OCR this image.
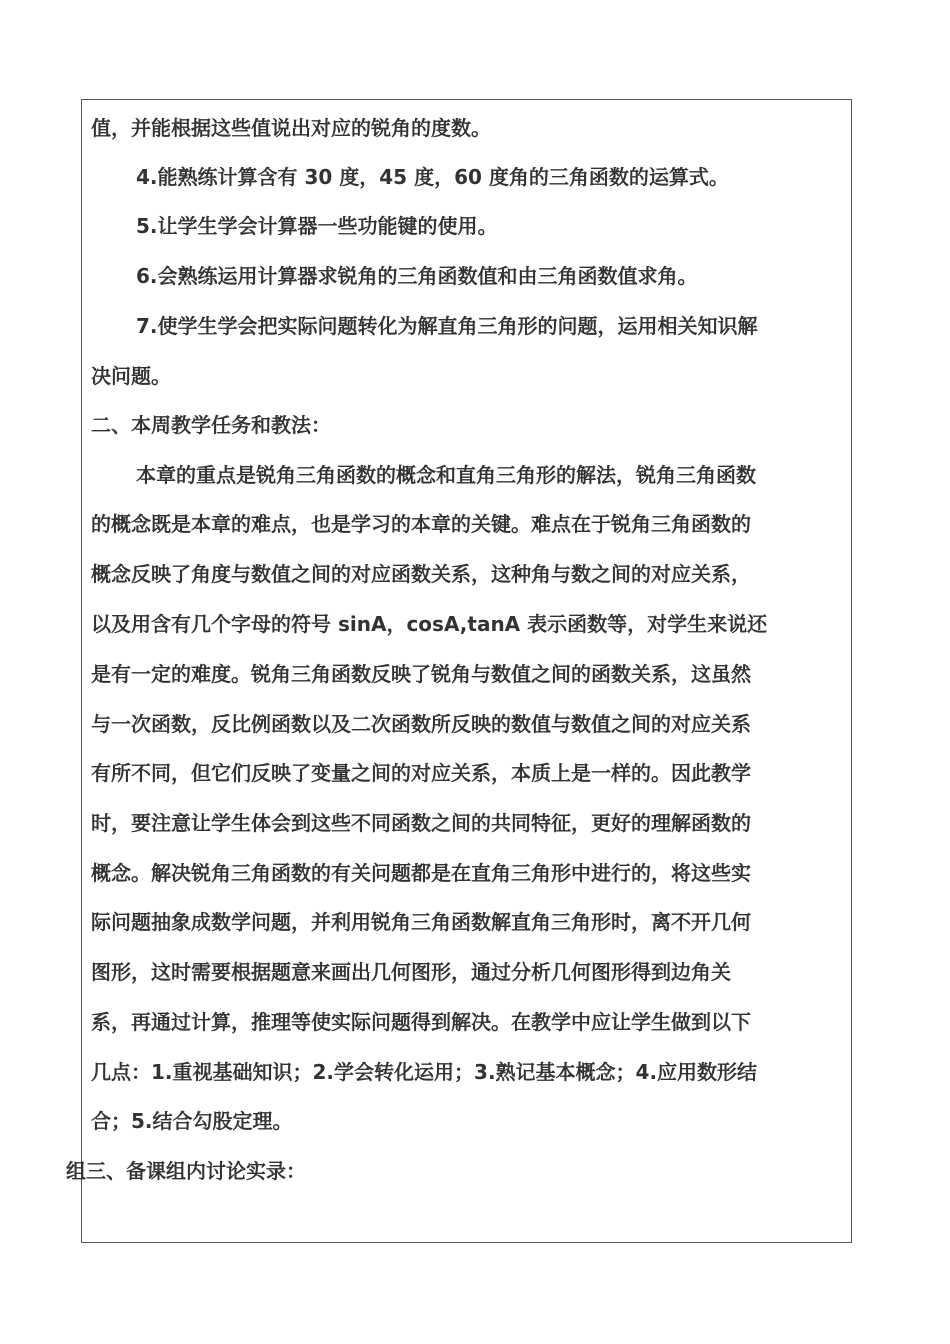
值，并能根据这些值说出对应的锐角的度数。
4.能熟练计算含有 30 度，45 度，60 度角的三角函数的运算式。
5.让学生学会计算器一些功能键的使用。
6.会熟练运用计算器求锐角的三角函数值和由三角函数值求角。
7.使学生学会把实际问题转化为解直角三角形的问题，运用相关知识解
决问题。
二、本周教学任务和教法：
本章的重点是锐角三角函数的概念和直角三角形的解法，锐角三角函数
的概念既是本章的难点，也是学习的本章的关键。难点在于锐角三角函数的
概念反映了角度与数值之间的对应函数关系，这种角与数之间的对应关系，
以及用含有几个字母的符号 sinA，cosA,tanA 表示函数等，对学生来说还
是有一定的难度。锐角三角函数反映了锐角与数值之间的函数关系，这虽然
与一次函数，反比例函数以及二次函数所反映的数值与数值之间的对应关系
有所不同，但它们反映了变量之间的对应关系，本质上是一样的。因此教学
时，要注意让学生体会到这些不同函数之间的共同特征，更好的理解函数的
概念。解决锐角三角函数的有关问题都是在直角三角形中进行的，将这些实
际问题抽象成数学问题，并利用锐角三角函数解直角三角形时，离不开几何
图形，这时需要根据题意来画出几何图形，通过分析几何图形得到边角关
系，再通过计算，推理等使实际问题得到解决。在教学中应让学生做到以下
几点：1.重视基础知识；2.学会转化运用；3.熟记基本概念；4.应用数形结
合；5.结合勾股定理。
组三、备课组内讨论实录：
